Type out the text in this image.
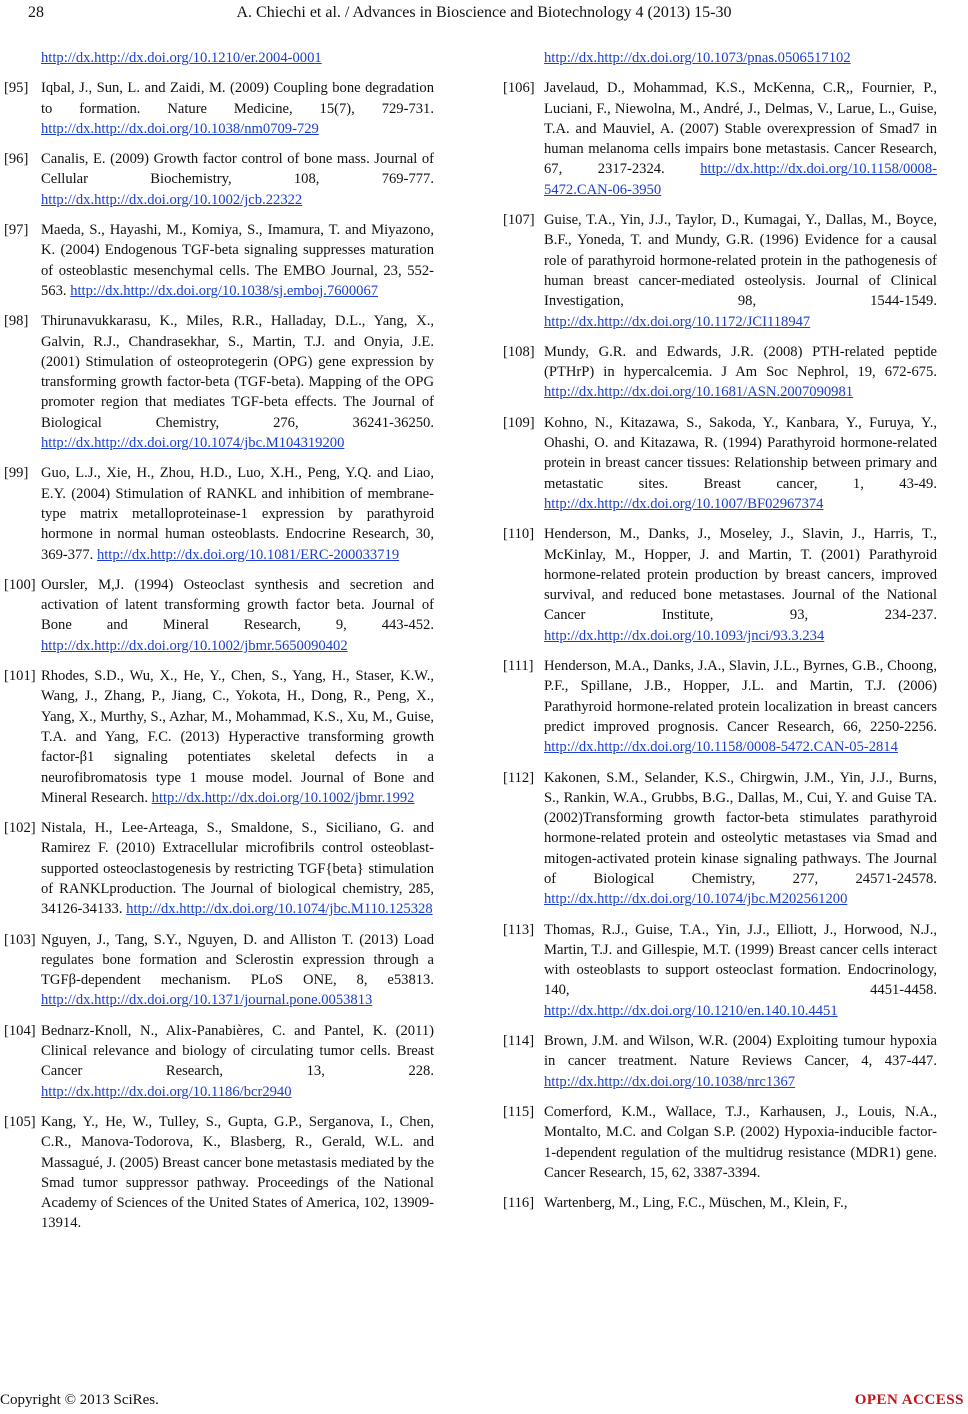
28	A. Chiechi et al. / Advances in Bioscience and Biotechnology 4 (2013) 15-30
http://dx.http://dx.doi.org/10.1210/er.2004-0001
[95] Iqbal, J., Sun, L. and Zaidi, M. (2009) Coupling bone degradation to formation. Nature Medicine, 15(7), 729-731. http://dx.http://dx.doi.org/10.1038/nm0709-729
[96] Canalis, E. (2009) Growth factor control of bone mass. Journal of Cellular Biochemistry, 108, 769-777. http://dx.http://dx.doi.org/10.1002/jcb.22322
[97] Maeda, S., Hayashi, M., Komiya, S., Imamura, T. and Miyazono, K. (2004) Endogenous TGF-beta signaling suppresses maturation of osteoblastic mesenchymal cells. The EMBO Journal, 23, 552-563. http://dx.http://dx.doi.org/10.1038/sj.emboj.7600067
[98] Thirunavukkarasu, K., Miles, R.R., Halladay, D.L., Yang, X., Galvin, R.J., Chandrasekhar, S., Martin, T.J. and Onyia, J.E. (2001) Stimulation of osteoprotegerin (OPG) gene expression by transforming growth factor-beta (TGF-beta). Mapping of the OPG promoter region that mediates TGF-beta effects. The Journal of Biological Chemistry, 276, 36241-36250. http://dx.http://dx.doi.org/10.1074/jbc.M104319200
[99] Guo, L.J., Xie, H., Zhou, H.D., Luo, X.H., Peng, Y.Q. and Liao, E.Y. (2004) Stimulation of RANKL and inhibition of membrane-type matrix metalloproteinase-1 expression by parathyroid hormone in normal human osteoblasts. Endocrine Research, 30, 369-377. http://dx.http://dx.doi.org/10.1081/ERC-200033719
[100] Oursler, M,J. (1994) Osteoclast synthesis and secretion and activation of latent transforming growth factor beta. Journal of Bone and Mineral Research, 9, 443-452. http://dx.http://dx.doi.org/10.1002/jbmr.5650090402
[101] Rhodes, S.D., Wu, X., He, Y., Chen, S., Yang, H., Staser, K.W., Wang, J., Zhang, P., Jiang, C., Yokota, H., Dong, R., Peng, X., Yang, X., Murthy, S., Azhar, M., Mohammad, K.S., Xu, M., Guise, T.A. and Yang, F.C. (2013) Hyperactive transforming growth factor-β1 signaling potentiates skeletal defects in a neurofibromatosis type 1 mouse model. Journal of Bone and Mineral Research. http://dx.http://dx.doi.org/10.1002/jbmr.1992
[102] Nistala, H., Lee-Arteaga, S., Smaldone, S., Siciliano, G. and Ramirez F. (2010) Extracellular microfibrils control osteoblast-supported osteoclastogenesis by restricting TGF{beta} stimulation of RANKLproduction. The Journal of biological chemistry, 285, 34126-34133. http://dx.http://dx.doi.org/10.1074/jbc.M110.125328
[103] Nguyen, J., Tang, S.Y., Nguyen, D. and Alliston T. (2013) Load regulates bone formation and Sclerostin expression through a TGFβ-dependent mechanism. PLoS ONE, 8, e53813. http://dx.http://dx.doi.org/10.1371/journal.pone.0053813
[104] Bednarz-Knoll, N., Alix-Panabières, C. and Pantel, K. (2011) Clinical relevance and biology of circulating tumor cells. Breast Cancer Research, 13, 228. http://dx.http://dx.doi.org/10.1186/bcr2940
[105] Kang, Y., He, W., Tulley, S., Gupta, G.P., Serganova, I., Chen, C.R., Manova-Todorova, K., Blasberg, R., Gerald, W.L. and Massagué, J. (2005) Breast cancer bone metastasis mediated by the Smad tumor suppressor pathway. Proceedings of the National Academy of Sciences of the United States of America, 102, 13909-13914.
http://dx.http://dx.doi.org/10.1073/pnas.0506517102
[106] Javelaud, D., Mohammad, K.S., McKenna, C.R,, Fournier, P., Luciani, F., Niewolna, M., André, J., Delmas, V., Larue, L., Guise, T.A. and Mauviel, A. (2007) Stable overexpression of Smad7 in human melanoma cells impairs bone metastasis. Cancer Research, 67, 2317-2324. http://dx.http://dx.doi.org/10.1158/0008-5472.CAN-06-3950
[107] Guise, T.A., Yin, J.J., Taylor, D., Kumagai, Y., Dallas, M., Boyce, B.F., Yoneda, T. and Mundy, G.R. (1996) Evidence for a causal role of parathyroid hormone-related protein in the pathogenesis of human breast cancer-mediated osteolysis. Journal of Clinical Investigation, 98, 1544-1549. http://dx.http://dx.doi.org/10.1172/JCI118947
[108] Mundy, G.R. and Edwards, J.R. (2008) PTH-related peptide (PTHrP) in hypercalcemia. J Am Soc Nephrol, 19, 672-675. http://dx.http://dx.doi.org/10.1681/ASN.2007090981
[109] Kohno, N., Kitazawa, S., Sakoda, Y., Kanbara, Y., Furuya, Y., Ohashi, O. and Kitazawa, R. (1994) Parathyroid hormone-related protein in breast cancer tissues: Relationship between primary and metastatic sites. Breast cancer, 1, 43-49. http://dx.http://dx.doi.org/10.1007/BF02967374
[110] Henderson, M., Danks, J., Moseley, J., Slavin, J., Harris, T., McKinlay, M., Hopper, J. and Martin, T. (2001) Parathyroid hormone-related protein production by breast cancers, improved survival, and reduced bone metastases. Journal of the National Cancer Institute, 93, 234-237. http://dx.http://dx.doi.org/10.1093/jnci/93.3.234
[111] Henderson, M.A., Danks, J.A., Slavin, J.L., Byrnes, G.B., Choong, P.F., Spillane, J.B., Hopper, J.L. and Martin, T.J. (2006) Parathyroid hormone-related protein localization in breast cancers predict improved prognosis. Cancer Research, 66, 2250-2256. http://dx.http://dx.doi.org/10.1158/0008-5472.CAN-05-2814
[112] Kakonen, S.M., Selander, K.S., Chirgwin, J.M., Yin, J.J., Burns, S., Rankin, W.A., Grubbs, B.G., Dallas, M., Cui, Y. and Guise TA. (2002)Transforming growth factor-beta stimulates parathyroid hormone-related protein and osteolytic metastases via Smad and mitogen-activated protein kinase signaling pathways. The Journal of Biological Chemistry, 277, 24571-24578. http://dx.http://dx.doi.org/10.1074/jbc.M202561200
[113] Thomas, R.J., Guise, T.A., Yin, J.J., Elliott, J., Horwood, N.J., Martin, T.J. and Gillespie, M.T. (1999) Breast cancer cells interact with osteoblasts to support osteoclast formation. Endocrinology, 140, 4451-4458. http://dx.http://dx.doi.org/10.1210/en.140.10.4451
[114] Brown, J.M. and Wilson, W.R. (2004) Exploiting tumour hypoxia in cancer treatment. Nature Reviews Cancer, 4, 437-447. http://dx.http://dx.doi.org/10.1038/nrc1367
[115] Comerford, K.M., Wallace, T.J., Karhausen, J., Louis, N.A., Montalto, M.C. and Colgan S.P. (2002) Hypoxia-inducible factor-1-dependent regulation of the multidrug resistance (MDR1) gene. Cancer Research, 15, 62, 3387-3394.
[116] Wartenberg, M., Ling, F.C., Müschen, M., Klein, F.,
Copyright © 2013 SciRes.	OPEN ACCESS
